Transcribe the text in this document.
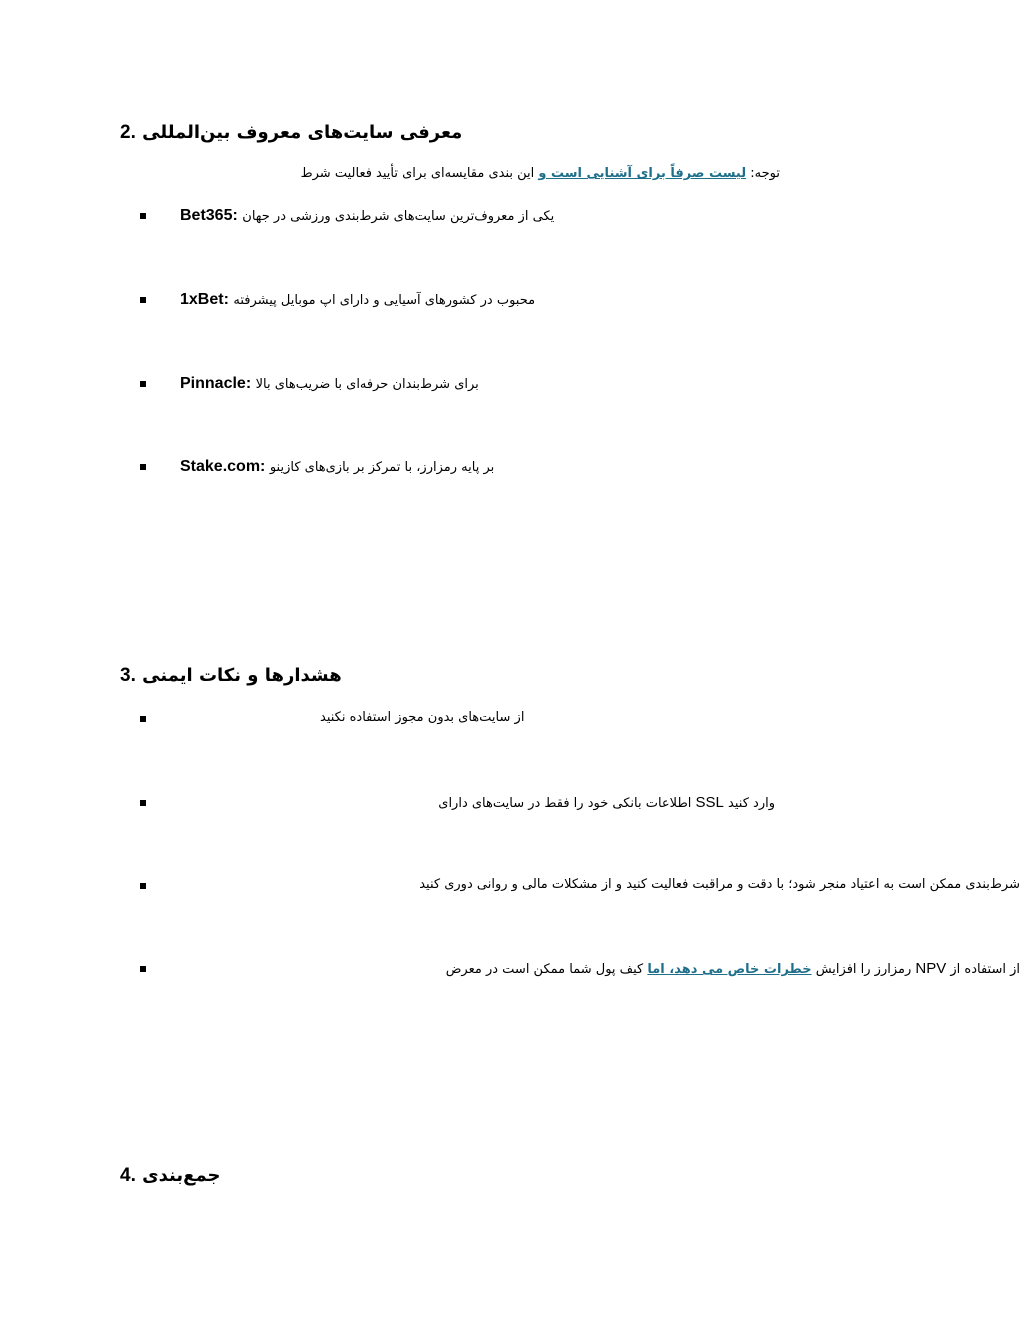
2. معرفی سایت‌های معروف بین‌المللی
توجه: لیست صرفاً برای آشنایی است و این بندی مقایسه‌ای برای تأیید فعالیت شرط
Bet365: یکی از معروف‌ترین سایت‌های شرط‌بندی ورزشی در جهان
1xBet: محبوب در کشورهای آسیایی و دارای اپ موبایل پیشرفته
Pinnacle: برای شرط‌بندان حرفه‌ای با ضریب‌های بالا
Stake.com: بر پایه رمزارز، با تمرکز بر بازی‌های کازینو
3. هشدارها و نکات ایمنی
از سایت‌های بدون مجوز استفاده نکنید
وارد کنید SSL اطلاعات بانکی خود را فقط در سایت‌های دارای
شرط‌بندی ممکن است به اعتیاد منجر شود؛ با دقت و مراقبت فعالیت کنید و از مشکلات مالی و روانی دوری کنید
از استفاده از NPV رمزارز را افزایش خطرات خاص‌ می‌ دهد، اما کیف پول شما ممکن است در معرض
4. جمع‌بندی
